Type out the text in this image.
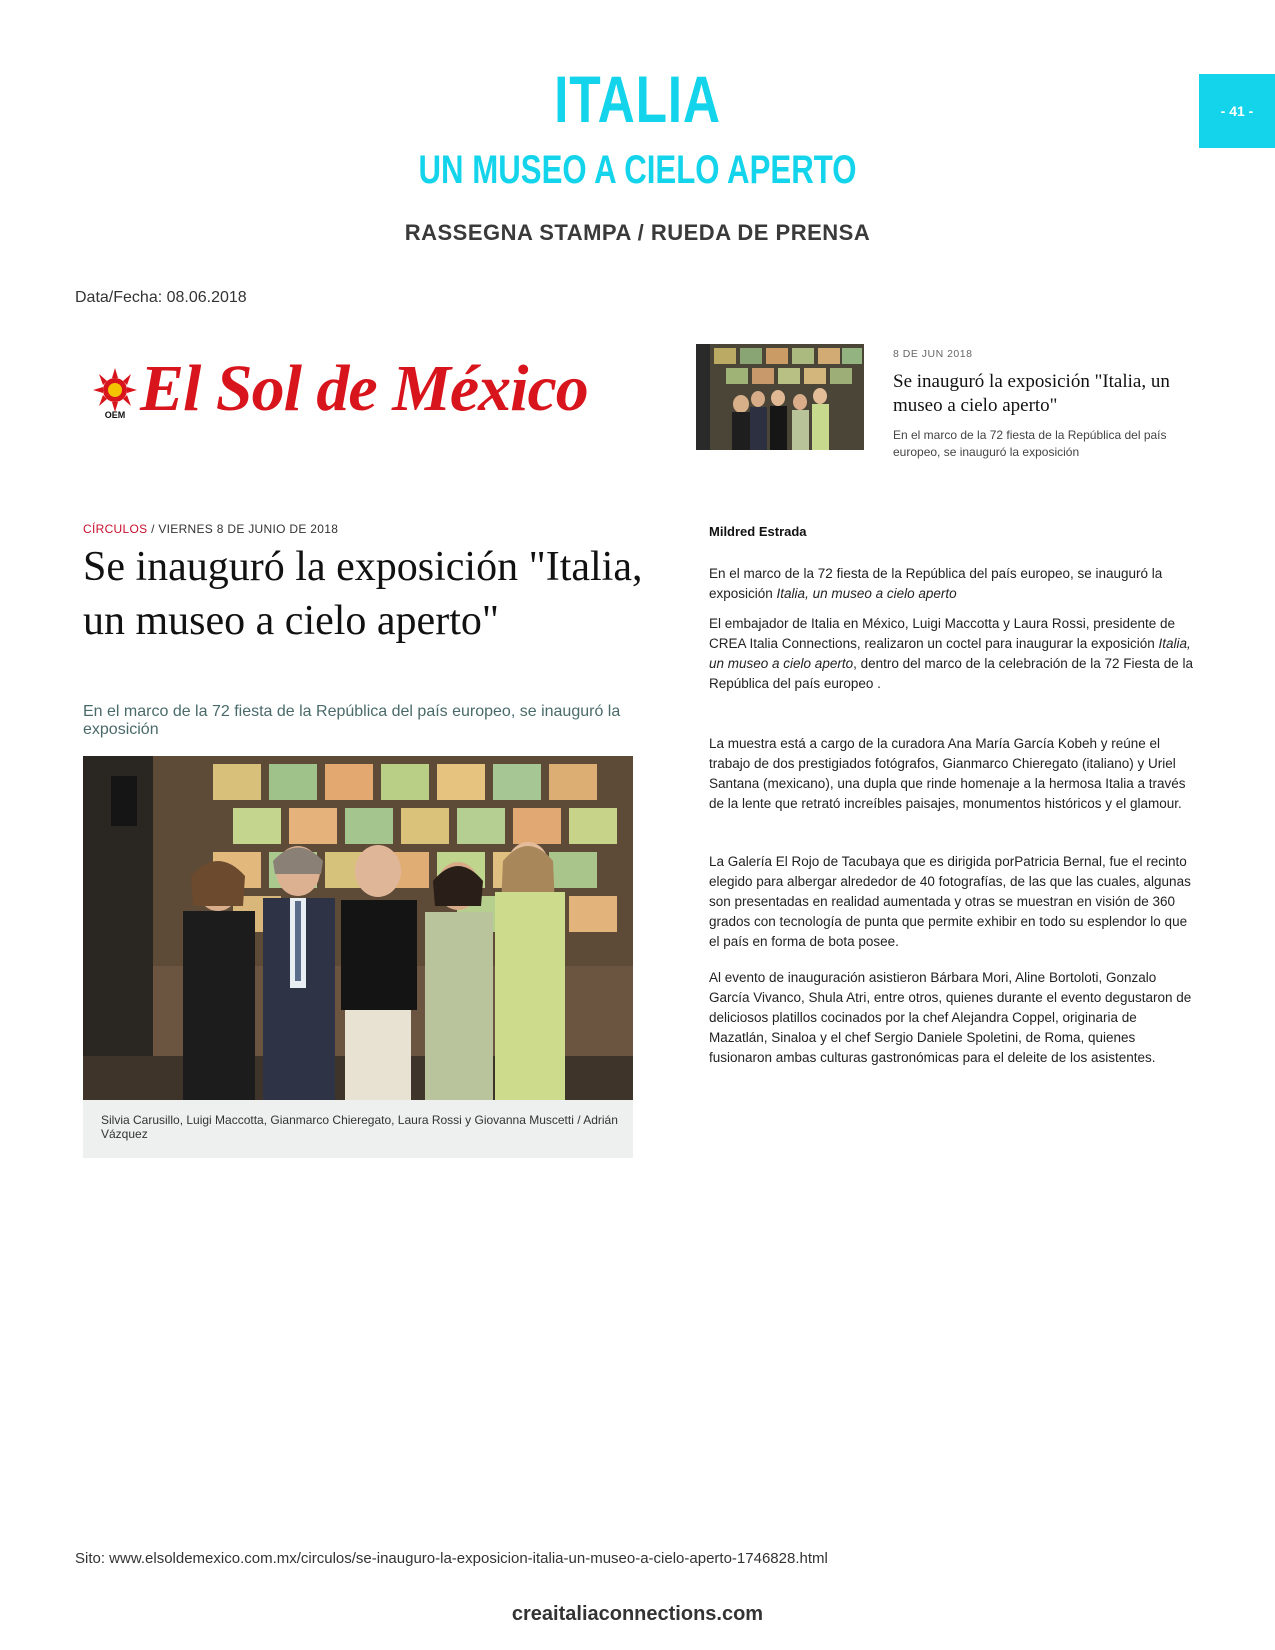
ITALIA
UN MUSEO A CIELO APERTO
RASSEGNA STAMPA / RUEDA DE PRENSA
- 41 -
Data/Fecha: 08.06.2018
OEM El Sol de México	8 DE JUN 2018
Se inauguró la exposición "Italia, un museo a cielo aperto"
En el marco de la 72 fiesta de la República del país europeo, se inauguró la exposición
CÍRCULOS / VIERNES 8 DE JUNIO DE 2018
Se inauguró la exposición "Italia, un museo a cielo aperto"
En el marco de la 72 fiesta de la República del país europeo, se inauguró la exposición
Silvia Carusillo, Luigi Maccotta, Gianmarco Chieregato, Laura Rossi y Giovanna Muscetti / Adrián Vázquez
Mildred Estrada
En el marco de la 72 fiesta de la República del país europeo, se inauguró la exposición Italia, un museo a cielo aperto
El embajador de Italia en México, Luigi Maccotta y Laura Rossi, presidente de CREA Italia Connections, realizaron un coctel para inaugurar la exposición Italia, un museo a cielo aperto, dentro del marco de la celebración de la 72 Fiesta de la República del país europeo .
La muestra está a cargo de la curadora Ana María García Kobeh y reúne el trabajo de dos prestigiados fotógrafos, Gianmarco Chieregato (italiano) y Uriel Santana (mexicano), una dupla que rinde homenaje a la hermosa Italia a través de la lente que retrató increíbles paisajes, monumentos históricos y el glamour.
La Galería El Rojo de Tacubaya que es dirigida porPatricia Bernal, fue el recinto elegido para albergar alrededor de 40 fotografías, de las que las cuales, algunas son presentadas en realidad aumentada y otras se muestran en visión de 360 grados con tecnología de punta que permite exhibir en todo su esplendor lo que el país en forma de bota posee.
Al evento de inauguración asistieron Bárbara Mori, Aline Bortoloti, Gonzalo García Vivanco, Shula Atri, entre otros, quienes durante el evento degustaron de deliciosos platillos cocinados por la chef Alejandra Coppel, originaria de Mazatlán, Sinaloa y el chef Sergio Daniele Spoletini, de Roma, quienes fusionaron ambas culturas gastronómicas para el deleite de los asistentes.
Sito: www.elsoldemexico.com.mx/circulos/se-inauguro-la-exposicion-italia-un-museo-a-cielo-aperto-1746828.html
creaitaliaconnections.com
